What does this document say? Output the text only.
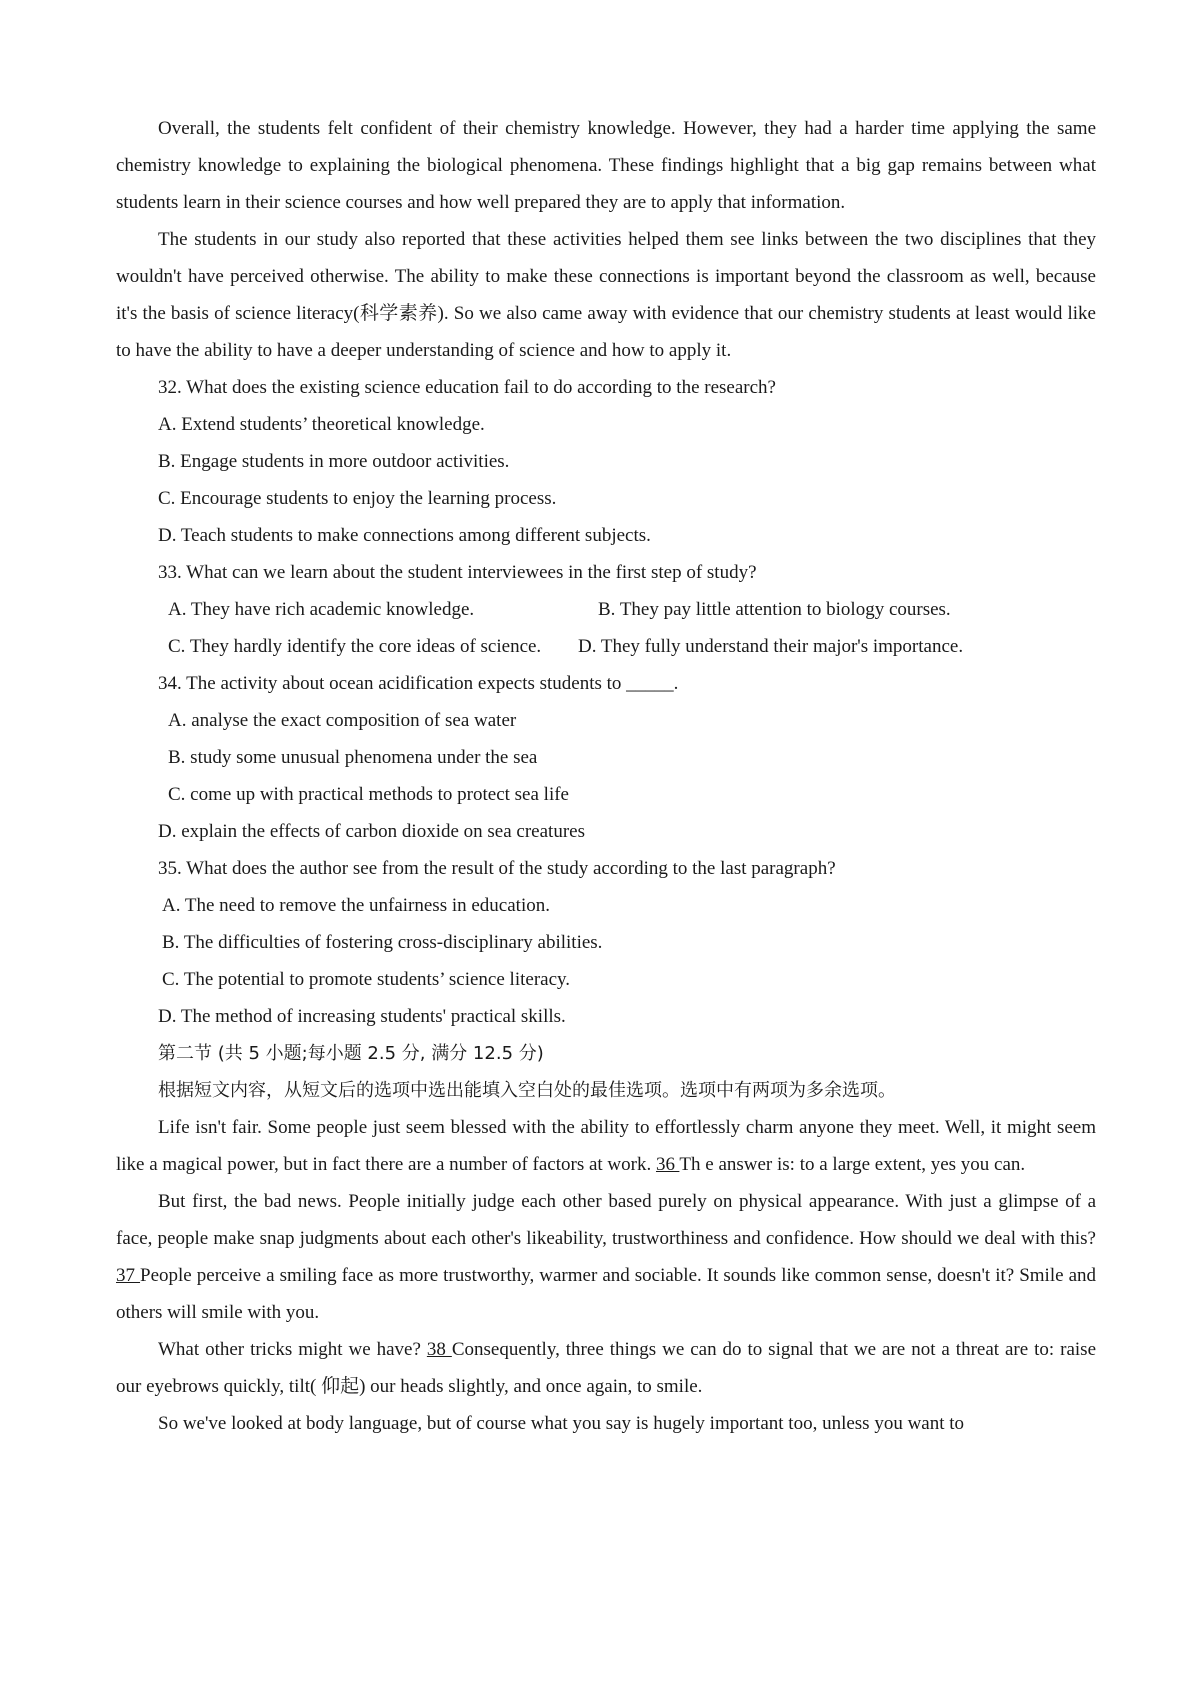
Overall, the students felt confident of their chemistry knowledge. However, they had a harder time applying the same chemistry knowledge to explaining the biological phenomena. These findings highlight that a big gap remains between what students learn in their science courses and how well prepared they are to apply that information.

The students in our study also reported that these activities helped them see links between the two disciplines that they wouldn't have perceived otherwise. The ability to make these connections is important beyond the classroom as well, because it's the basis of science literacy(科学素养). So we also came away with evidence that our chemistry students at least would like to have the ability to have a deeper understanding of science and how to apply it.

32. What does the existing science education fail to do according to the research?

A. Extend students’ theoretical knowledge.

B. Engage students in more outdoor activities.

C. Encourage students to enjoy the learning process.

D. Teach students to make connections among different subjects.

33. What can we learn about the student interviewees in the first step of study?

A. They have rich academic knowledge.	B. They pay little attention to biology courses.
C. They hardly identify the core ideas of science.	D. They fully understand their major's importance.

34. The activity about ocean acidification expects students to _____.

A. analyse the exact composition of sea water

B. study some unusual phenomena under the sea

C. come up with practical methods to protect sea life

D. explain the effects of carbon dioxide on sea creatures

35. What does the author see from the result of the study according to the last paragraph?

A. The need to remove the unfairness in education.

B. The difficulties of fostering cross-disciplinary abilities.

C. The potential to promote students’ science literacy.

D. The method of increasing students' practical skills.

第二节 (共 5 小题;每小题 2.5 分, 满分 12.5 分)

根据短文内容，从短文后的选项中选出能填入空白处的最佳选项。选项中有两项为多余选项。

Life isn't fair. Some people just seem blessed with the ability to effortlessly charm anyone they meet. Well, it might seem like a magical power, but in fact there are a number of factors at work. 36 Th e answer is: to a large extent, yes you can.

But first, the bad news. People initially judge each other based purely on physical appearance. With just a glimpse of a face, people make snap judgments about each other's likeability, trustworthiness and confidence. How should we deal with this? 37 People perceive a smiling face as more trustworthy, warmer and sociable. It sounds like common sense, doesn't it? Smile and others will smile with you.

What other tricks might we have? 38 Consequently, three things we can do to signal that we are not a threat are to: raise our eyebrows quickly, tilt( 仰起) our heads slightly, and once again, to smile.

So we've looked at body language, but of course what you say is hugely important too, unless you want to
